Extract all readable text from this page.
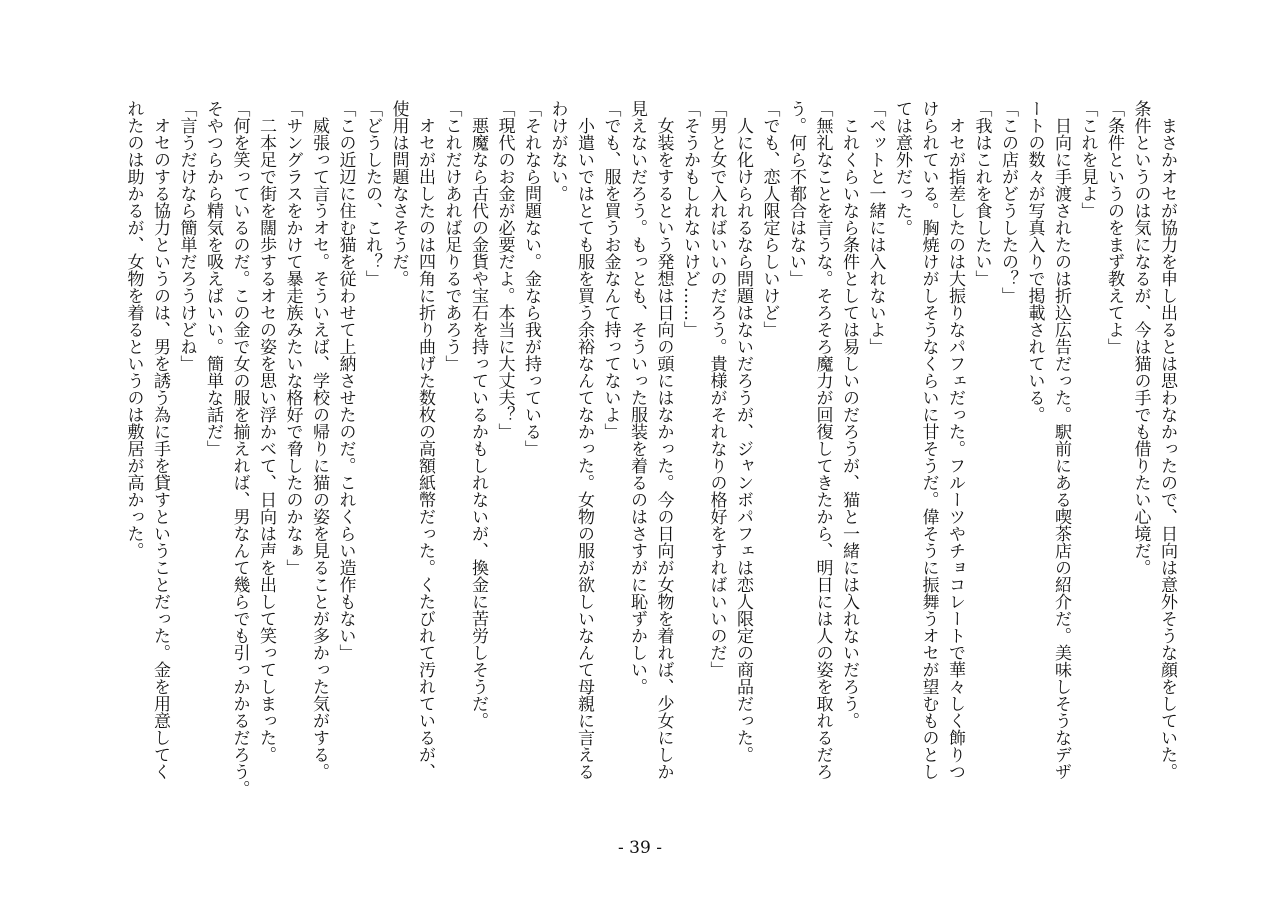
　まさかオセが協力を申し出るとは思わなかったので、日向は意外そうな顔をしていた。

条件というのは気になるが、今は猫の手でも借りたい心境だ。

「条件というのをまず教えてよ」

「これを見よ」

　日向に手渡されたのは折込広告だった。駅前にある喫茶店の紹介だ。美味しそうなデザ

ートの数々が写真入りで掲載されている。

「この店がどうしたの？」

「我はこれを食したい」

　オセが指差したのは大振りなパフェだった。フルーツやチョコレートで華々しく飾りつ

けられている。胸焼けがしそうなくらいに甘そうだ。偉そうに振舞うオセが望むものとし

ては意外だった。

「ペットと一緒には入れないよ」

　これくらいなら条件としては易しいのだろうが、猫と一緒には入れないだろう。

「無礼なことを言うな。そろそろ魔力が回復してきたから、明日には人の姿を取れるだろ

う。何ら不都合はない」

「でも、恋人限定らしいけど」

　人に化けられるなら問題はないだろうが、ジャンボパフェは恋人限定の商品だった。

「男と女で入ればいいのだろう。貴様がそれなりの格好をすればいいのだ」

「そうかもしれないけど……」

　女装をするという発想は日向の頭にはなかった。今の日向が女物を着れば、少女にしか

見えないだろう。もっとも、そういった服装を着るのはさすがに恥ずかしい。

「でも、服を買うお金なんて持ってないよ」

　小遣いではとても服を買う余裕なんてなかった。女物の服が欲しいなんて母親に言える

わけがない。

「それなら問題ない。金なら我が持っている」

「現代のお金が必要だよ。本当に大丈夫？」

　悪魔なら古代の金貨や宝石を持っているかもしれないが、換金に苦労しそうだ。

「これだけあれば足りるであろう」

　オセが出したのは四角に折り曲げた数枚の高額紙幣だった。くたびれて汚れているが、

使用は問題なさそうだ。

「どうしたの、これ？」

「この近辺に住む猫を従わせて上納させたのだ。これくらい造作もない」

　威張って言うオセ。そういえば、学校の帰りに猫の姿を見ることが多かった気がする。

「サングラスをかけて暴走族みたいな格好で脅したのかなぁ」

　二本足で街を闊歩するオセの姿を思い浮かべて、日向は声を出して笑ってしまった。

「何を笑っているのだ。この金で女の服を揃えれば、男なんて幾らでも引っかかるだろう。

そやつらから精気を吸えばいい。簡単な話だ」

「言うだけなら簡単だろうけどね」

　オセのする協力というのは、男を誘う為に手を貸すということだった。金を用意してく

れたのは助かるが、女物を着るというのは敷居が高かった。

- 39 -
